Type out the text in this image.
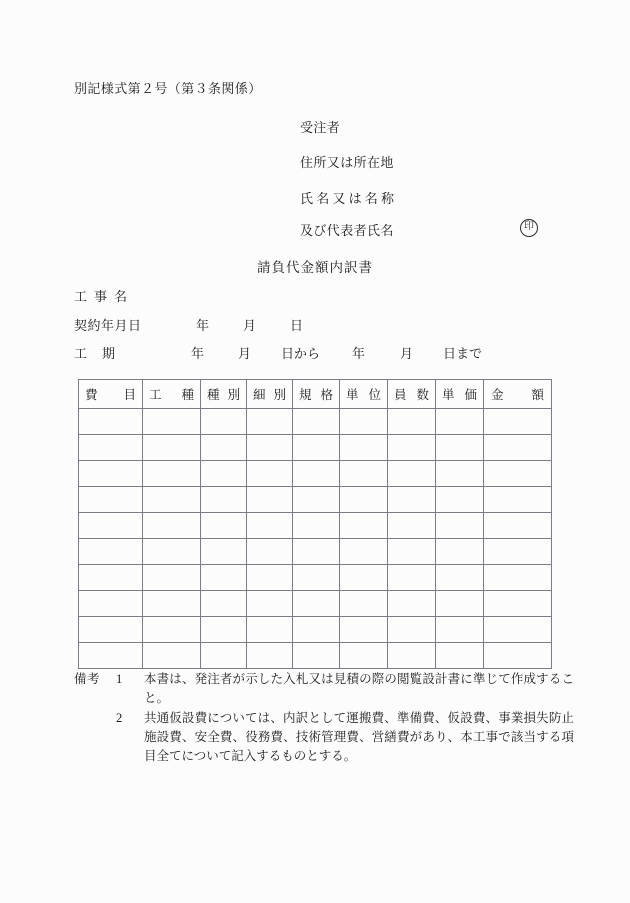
別記様式第２号（第３条関係）
受注者
住所又は所在地
氏名又は名称
及び代表者氏名	印
請負代金額内訳書
工事名
契約年月日	年	月	日
工期	年	月 日から 年	月 日まで
費 目	工 種	種 別	細 別	規 格	単 位	員 数	単 価	金 額

備考	1	本書は、発注者が示した入札又は見積の際の閲覧設計書に準じて作成すること。
2	共通仮設費については、内訳として運搬費、準備費、仮設費、事業損失防止施設費、安全費、役務費、技術管理費、営繕費があり、本工事で該当する項目全てについて記入するものとする。
